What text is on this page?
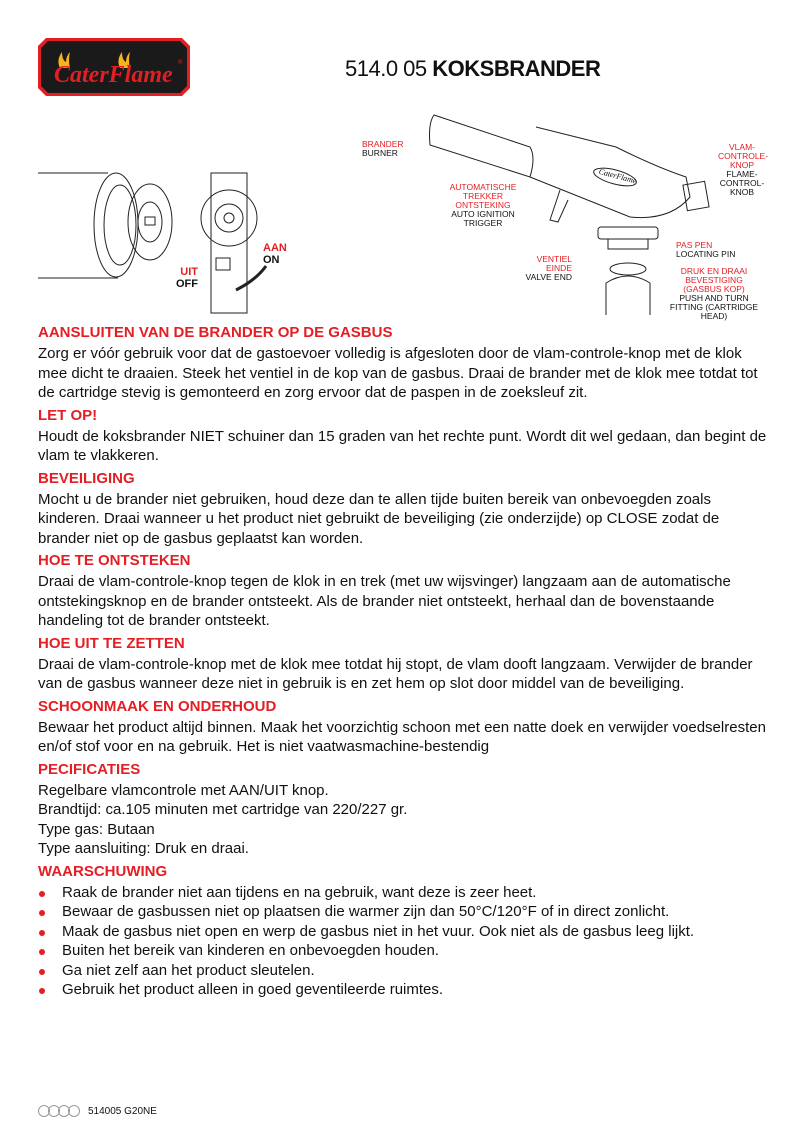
CaterFlame ®	514.0 05 KOKSBRANDER
AAN
ON
UIT
OFF
CaterFlame
BRANDER
BURNER
AUTOMATISCHE TREKKER ONTSTEKING
AUTO IGNITION TRIGGER
VLAM-CONTROLE-KNOP
FLAME-CONTROL-KNOB
PAS PEN
LOCATING PIN
VENTIEL EINDE
VALVE END
DRUK EN DRAAI BEVESTIGING (GASBUS KOP)
PUSH AND TURN FITTING (CARTRIDGE HEAD)
AANSLUITEN VAN DE BRANDER OP DE GASBUS

Zorg er vóór gebruik voor dat de gastoevoer volledig is afgesloten door de vlam-controle-knop met de klok mee dicht te draaien. Steek het ventiel in de kop van de gasbus. Draai de brander met de klok mee totdat tot de cartridge stevig is gemonteerd en zorg ervoor dat de paspen in de zoeksleuf zit.

LET OP!

Houdt de koksbrander NIET schuiner dan 15 graden van het rechte punt. Wordt dit wel gedaan, dan begint de vlam te vlakkeren.

BEVEILIGING

Mocht u de brander niet gebruiken, houd deze dan te allen tijde buiten bereik van onbevoegden zoals kinderen. Draai wanneer u het product niet gebruikt de beveiliging (zie onderzijde) op CLOSE zodat de brander niet op de gasbus geplaatst kan worden.

HOE TE ONTSTEKEN

Draai de vlam-controle-knop tegen de klok in en trek (met uw wijsvinger) langzaam aan de automatische ontstekingsknop en de brander ontsteekt. Als de brander niet ontsteekt, herhaal dan de bovenstaande handeling tot de brander ontsteekt.

HOE UIT TE ZETTEN

Draai de vlam-controle-knop met de klok mee totdat hij stopt, de vlam dooft langzaam. Verwijder de brander van de gasbus wanneer deze niet in gebruik is en zet hem op slot door middel van de beveiliging.

SCHOONMAAK EN ONDERHOUD

Bewaar het product altijd binnen. Maak het voorzichtig schoon met een natte doek en verwijder voedselresten en/of stof voor en na gebruik. Het is niet vaatwasmachine-bestendig

PECIFICATIES

Regelbare vlamcontrole met AAN/UIT knop.

Brandtijd: ca.105 minuten met cartridge van 220/227 gr.

Type gas: Butaan

Type aansluiting: Druk en draai.

WAARSCHUWING
Raak de brander niet aan tijdens en na gebruik, want deze is zeer heet.
Bewaar de gasbussen niet op plaatsen die warmer zijn dan 50°C/120°F of in direct zonlicht.
Maak de gasbus niet open en werp de gasbus niet in het vuur. Ook niet als de gasbus leeg lijkt.
Buiten het bereik van kinderen en onbevoegden houden.
Ga niet zelf aan het product sleutelen.
Gebruik het product alleen in goed geventileerde ruimtes.
514005 G20NE
